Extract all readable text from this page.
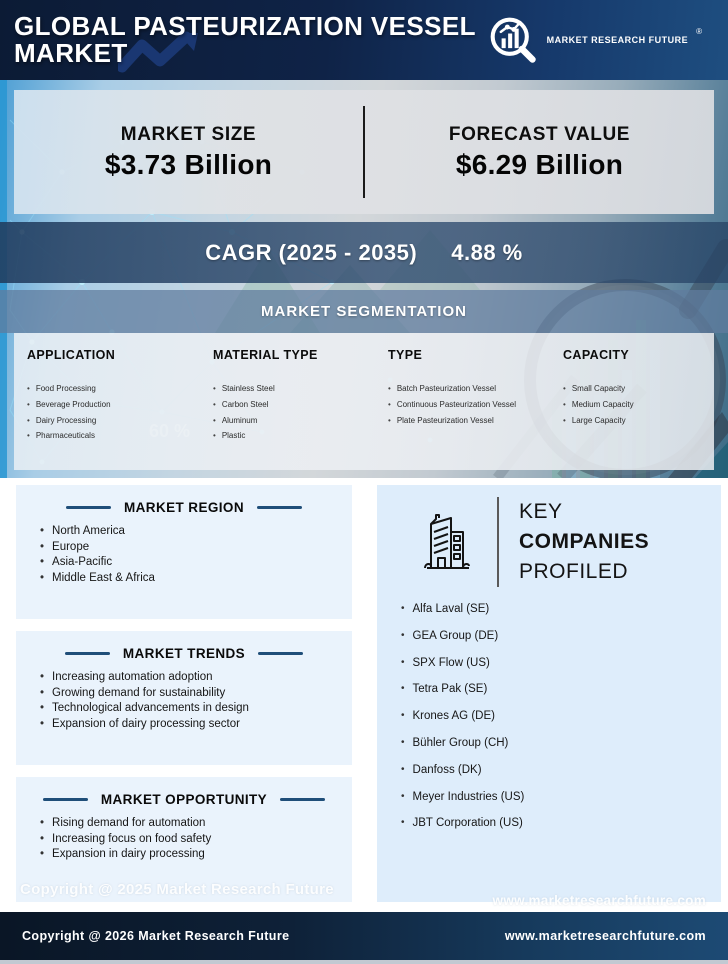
GLOBAL PASTEURIZATION VESSEL
MARKET	MARKET RESEARCH FUTURE
®
MARKET SIZE
$3.73 Billion
FORECAST VALUE
$6.29 Billion
CAGR (2025 - 2035) 4.88 %
MARKET SEGMENTATION
60 %
APPLICATION
• Food Processing
• Beverage Production
• Dairy Processing
• Pharmaceuticals
MATERIAL TYPE
• Stainless Steel
• Carbon Steel
• Aluminum
• Plastic
TYPE
• Batch Pasteurization Vessel
• Continuous Pasteurization Vessel
• Plate Pasteurization Vessel
CAPACITY
• Small Capacity
• Medium Capacity
• Large Capacity
MARKET REGION
• North America
• Europe
• Asia-Pacific
• Middle East & Africa
MARKET TRENDS
• Increasing automation adoption
• Growing demand for sustainability
• Technological advancements in design
• Expansion of dairy processing sector
MARKET OPPORTUNITY
• Rising demand for automation
• Increasing focus on food safety
• Expansion in dairy processing
KEY
COMPANIES
PROFILED
• Alfa Laval (SE)
• GEA Group (DE)
• SPX Flow (US)
• Tetra Pak (SE)
• Krones AG (DE)
• Bühler Group (CH)
• Danfoss (DK)
• Meyer Industries (US)
• JBT Corporation (US)
Copyright @ 2025 Market Research Future
www.marketresearchfuture.com
Copyright @ 2026 Market Research Future	www.marketresearchfuture.com
